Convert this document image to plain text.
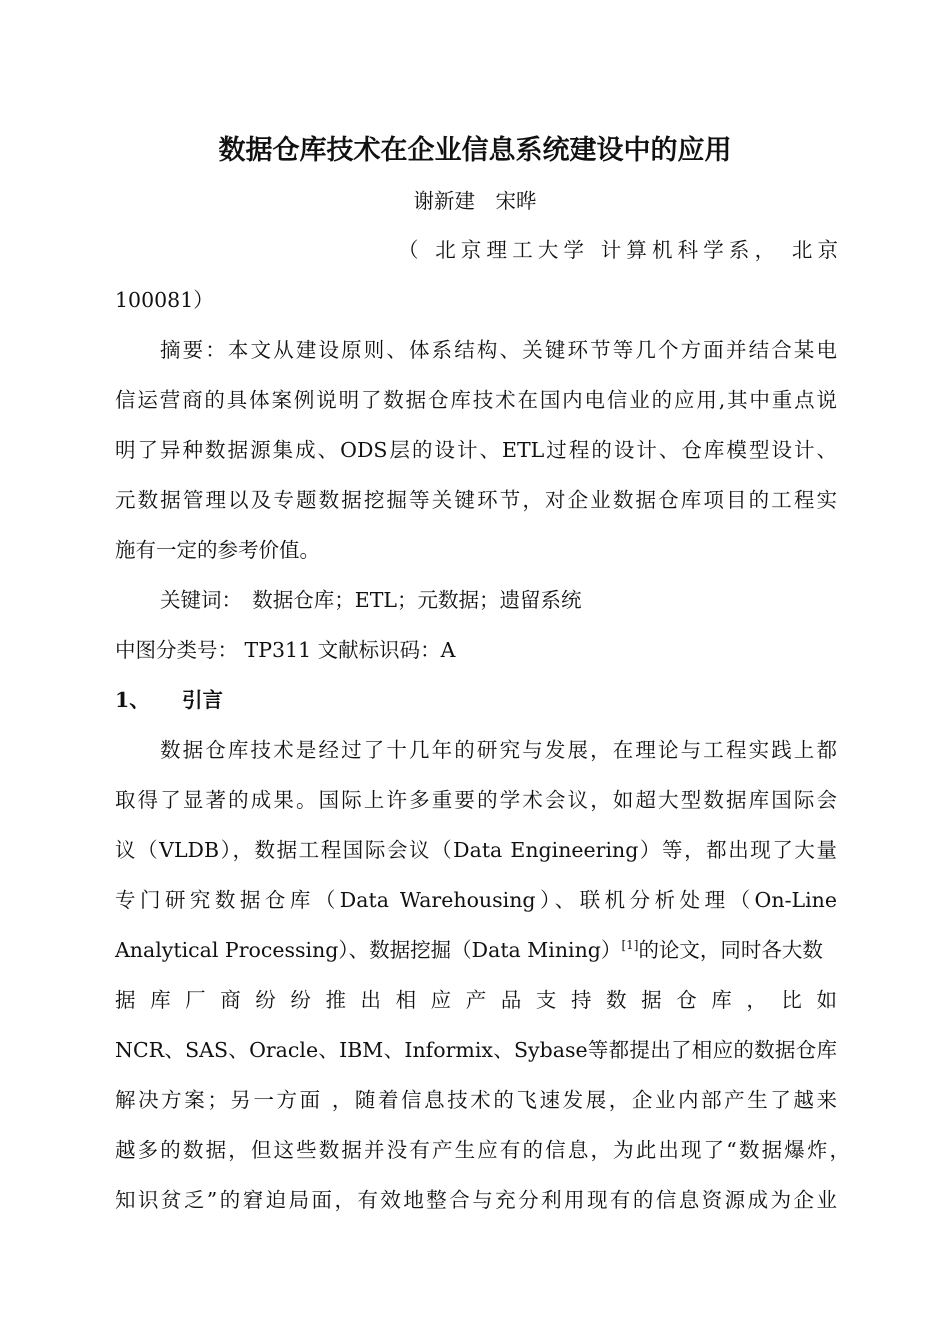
数据仓库技术在企业信息系统建设中的应用
谢新建　宋晔
（ 北京理工大学 计算机科学系， 北京
100081）
摘要：本文从建设原则、体系结构、关键环节等几个方面并结合某电
信运营商的具体案例说明了数据仓库技术在国内电信业的应用,其中重点说
明了异种数据源集成、ODS层的设计、ETL过程的设计、仓库模型设计、
元数据管理以及专题数据挖掘等关键环节，对企业数据仓库项目的工程实
施有一定的参考价值。
关键词：　数据仓库；ETL；元数据；遗留系统
中图分类号： TP311 文献标识码：A
1、 引言
数据仓库技术是经过了十几年的研究与发展，在理论与工程实践上都
取得了显著的成果。国际上许多重要的学术会议，如超大型数据库国际会
议（VLDB），数据工程国际会议（Data Engineering）等，都出现了大量
专门研究数据仓库（Data Warehousing）、联机分析处理（On-Line
Analytical Processing）、数据挖掘（Data Mining）[1]的论文，同时各大数
据库厂商纷纷推出相应产品支持数据仓库，比如
NCR、SAS、Oracle、IBM、Informix、Sybase等都提出了相应的数据仓库
解决方案；另一方面 ，随着信息技术的飞速发展，企业内部产生了越来
越多的数据，但这些数据并没有产生应有的信息，为此出现了“数据爆炸，
知识贫乏”的窘迫局面，有效地整合与充分利用现有的信息资源成为企业
